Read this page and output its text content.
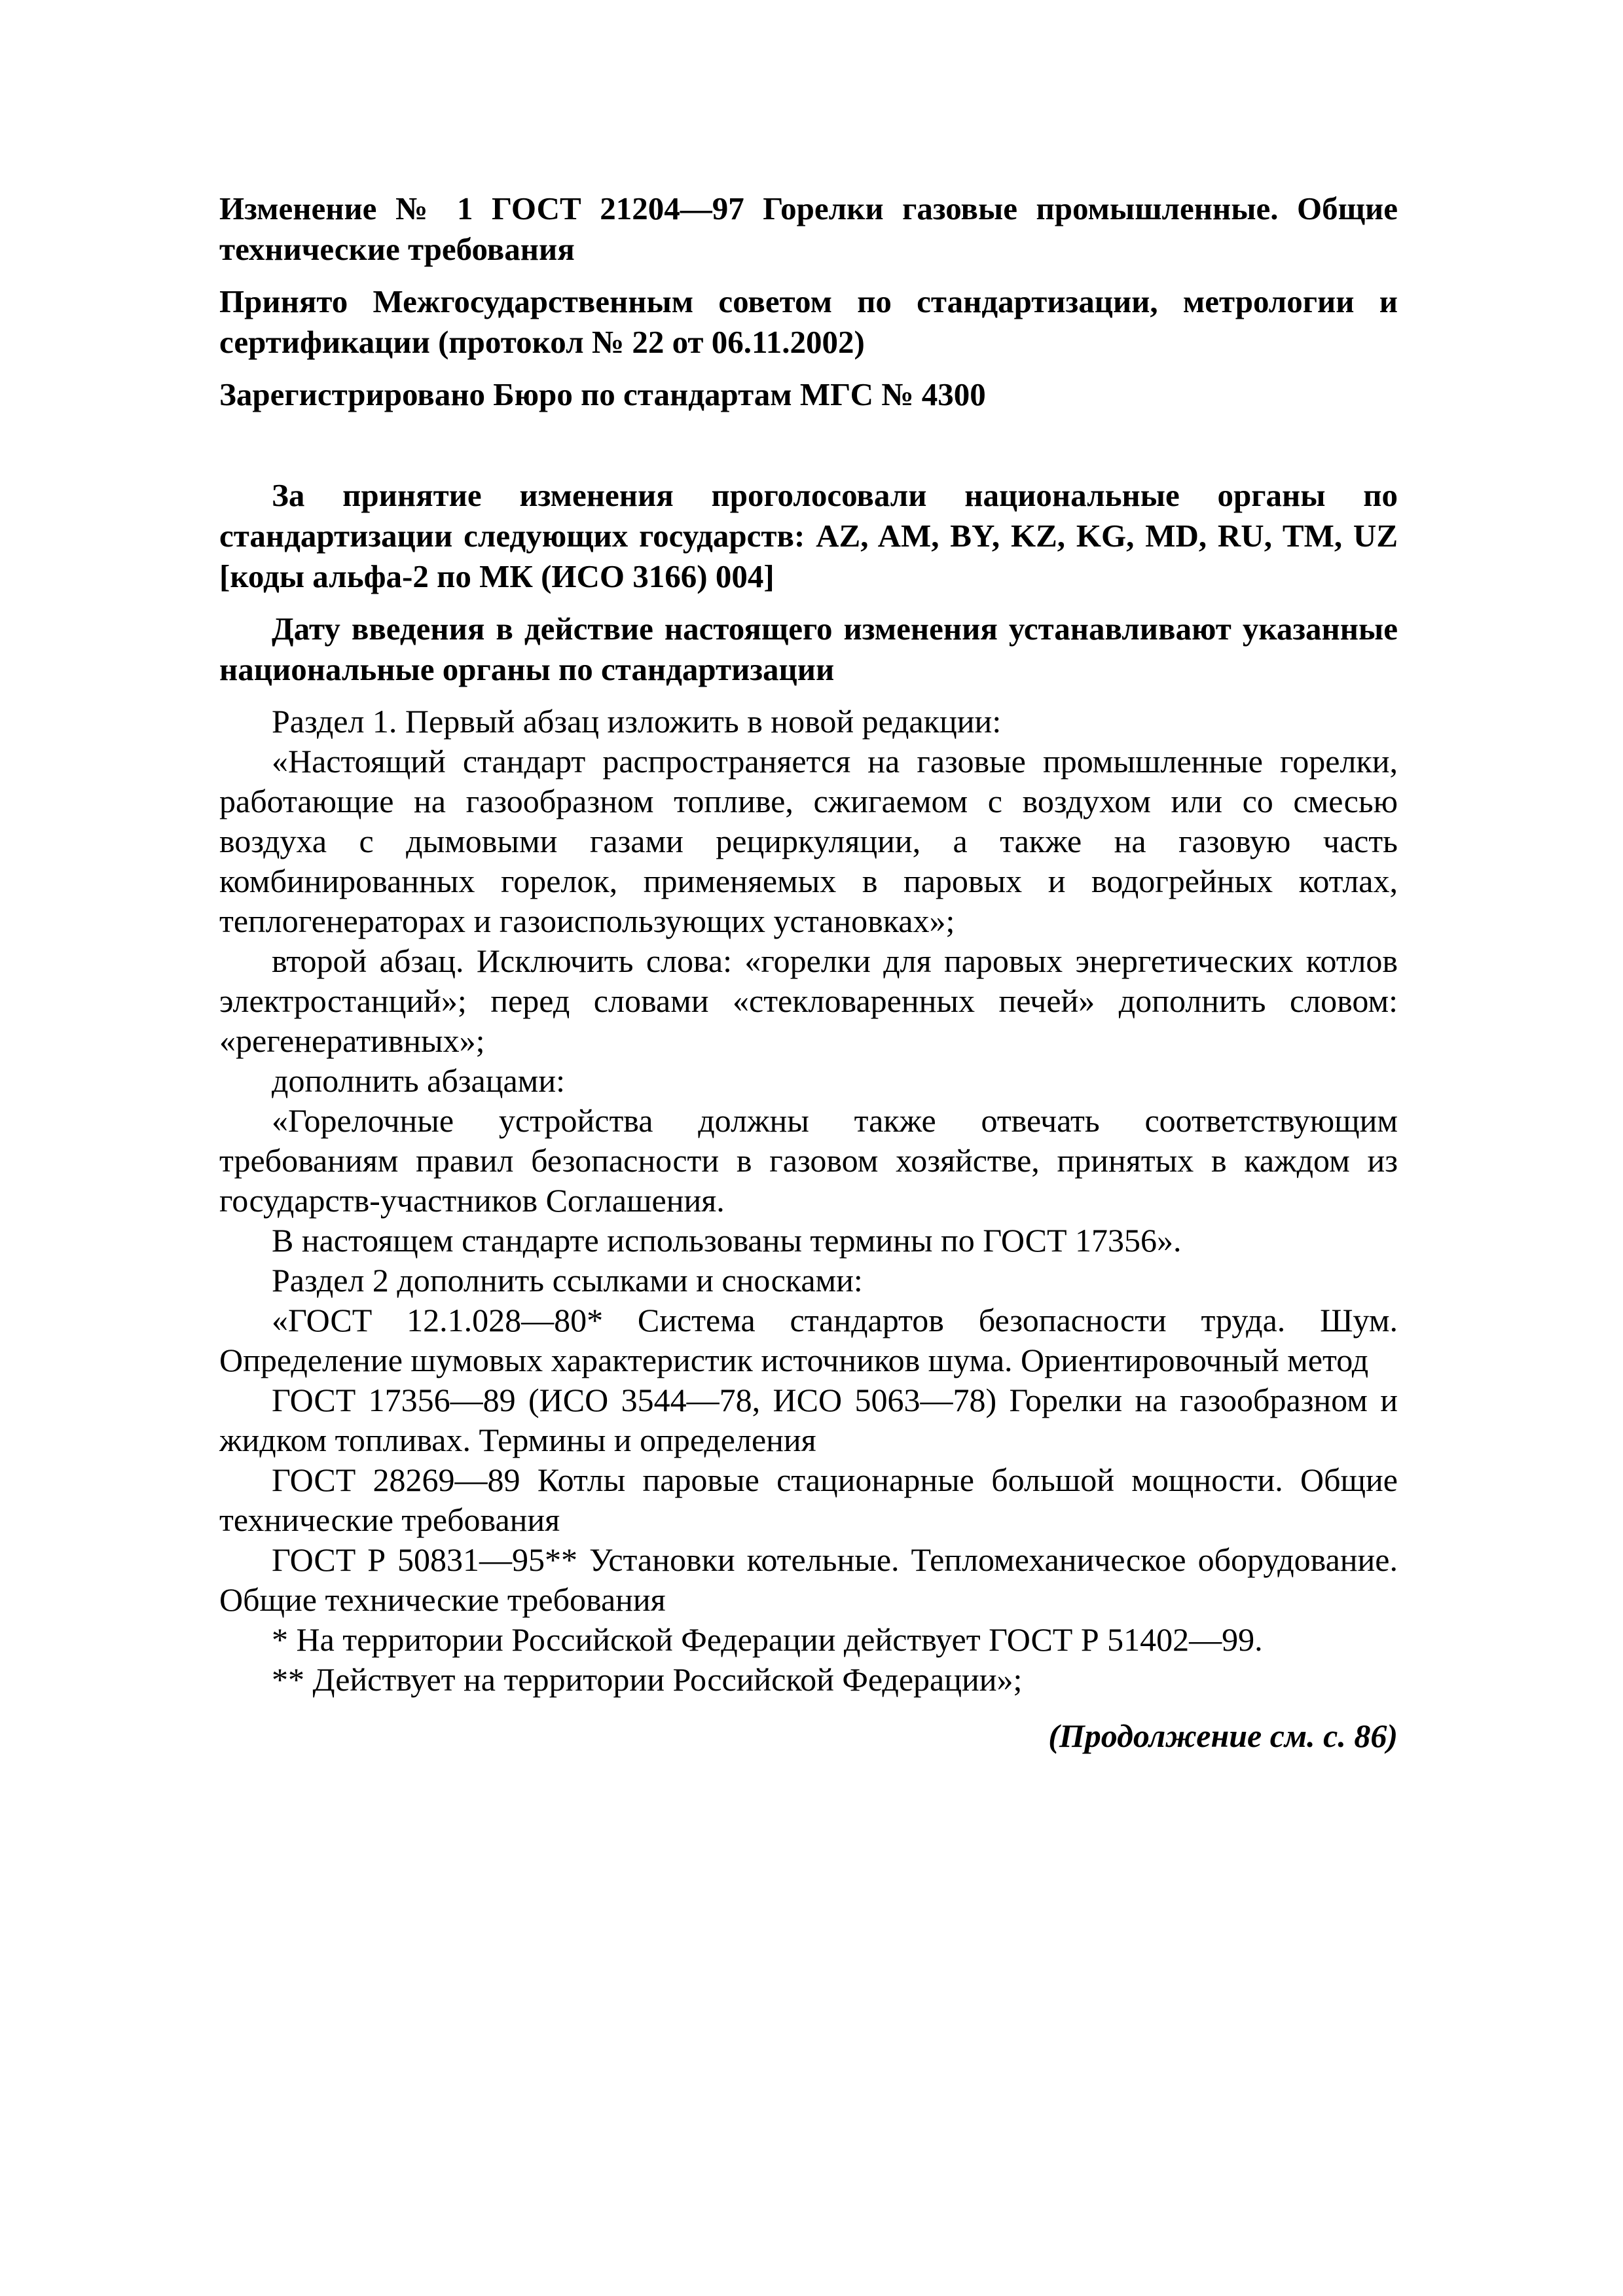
Изменение № 1 ГОСТ 21204—97 Горелки газовые промышленные. Общие технические требования

Принято Межгосударственным советом по стандартизации, метрологии и сертификации (протокол № 22 от 06.11.2002)

Зарегистрировано Бюро по стандартам МГС № 4300

За принятие изменения проголосовали национальные органы по стандартизации следующих государств: AZ, AM, BY, KZ, KG, MD, RU, TM, UZ [коды альфа-2 по МК (ИСО 3166) 004]

Дату введения в действие настоящего изменения устанавливают указанные национальные органы по стандартизации

Раздел 1. Первый абзац изложить в новой редакции:

«Настоящий стандарт распространяется на газовые промышленные горелки, работающие на газообразном топливе, сжигаемом с воздухом или со смесью воздуха с дымовыми газами рециркуляции, а также на газовую часть комбинированных горелок, применяемых в паровых и водогрейных котлах, теплогенераторах и газоиспользующих установках»;

второй абзац. Исключить слова: «горелки для паровых энергетических котлов электростанций»; перед словами «стекловаренных печей» дополнить словом: «регенеративных»;

дополнить абзацами:

«Горелочные устройства должны также отвечать соответствующим требованиям правил безопасности в газовом хозяйстве, принятых в каждом из государств-участников Соглашения.

В настоящем стандарте использованы термины по ГОСТ 17356».

Раздел 2 дополнить ссылками и сносками:

«ГОСТ 12.1.028—80* Система стандартов безопасности труда. Шум. Определение шумовых характеристик источников шума. Ориентировочный метод

ГОСТ 17356—89 (ИСО 3544—78, ИСО 5063—78) Горелки на газообразном и жидком топливах. Термины и определения

ГОСТ 28269—89 Котлы паровые стационарные большой мощности. Общие технические требования

ГОСТ Р 50831—95** Установки котельные. Тепломеханическое оборудование. Общие технические требования

* На территории Российской Федерации действует ГОСТ Р 51402—99.

** Действует на территории Российской Федерации»;

(Продолжение см. с. 86)
